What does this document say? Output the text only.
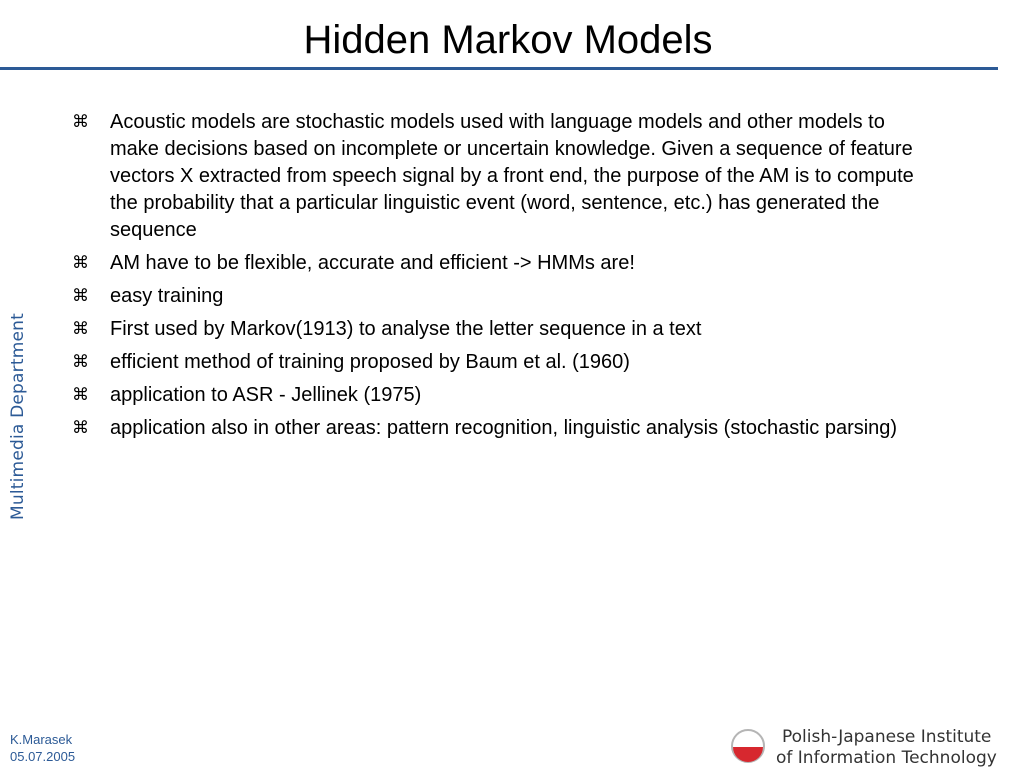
Hidden Markov Models
Multimedia Department
⌘	Acoustic models are stochastic models used with language models and other models to make decisions based on incomplete or uncertain knowledge. Given a sequence of feature vectors X extracted from speech signal by a front end, the purpose of the AM is to compute the probability that a particular linguistic event (word, sentence, etc.) has generated the sequence
⌘	AM have to be flexible, accurate and efficient -> HMMs are!
⌘	easy training
⌘	First used by Markov(1913) to analyse the letter sequence in a text
⌘	efficient method of training proposed by Baum et al. (1960)
⌘	application to ASR - Jellinek (1975)
⌘	application also in other areas: pattern recognition, linguistic analysis (stochastic parsing)
K.Marasek
05.07.2005
Polish-Japanese Institute
of Information Technology
